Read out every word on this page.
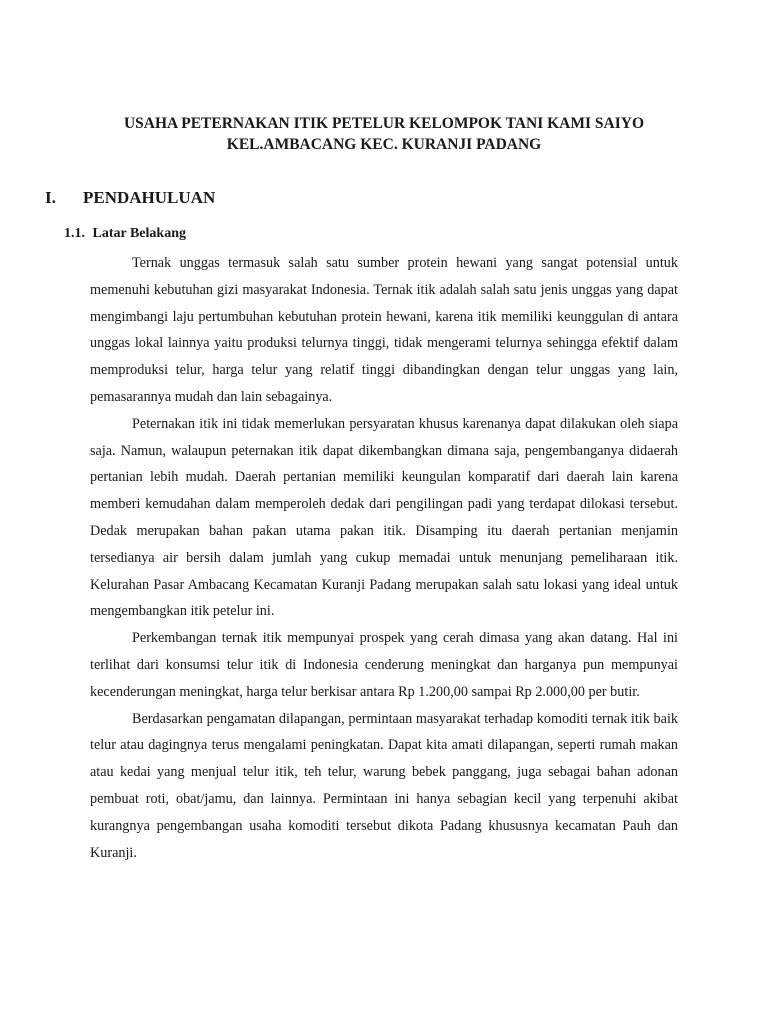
USAHA PETERNAKAN ITIK PETELUR KELOMPOK TANI KAMI SAIYO
KEL.AMBACANG KEC. KURANJI PADANG
I. PENDAHULUAN
1.1. Latar Belakang

Ternak unggas termasuk salah satu sumber protein hewani yang sangat potensial untuk memenuhi kebutuhan gizi masyarakat Indonesia. Ternak itik adalah salah satu jenis unggas yang dapat mengimbangi laju pertumbuhan kebutuhan protein hewani, karena itik memiliki keunggulan di antara unggas lokal lainnya yaitu produksi telurnya tinggi, tidak mengerami telurnya sehingga efektif dalam memproduksi telur, harga telur yang relatif tinggi dibandingkan dengan telur unggas yang lain, pemasarannya mudah dan lain sebagainya.

Peternakan itik ini tidak memerlukan persyaratan khusus karenanya dapat dilakukan oleh siapa saja. Namun, walaupun peternakan itik dapat dikembangkan dimana saja, pengembanganya didaerah pertanian lebih mudah. Daerah pertanian memiliki keungulan komparatif dari daerah lain karena memberi kemudahan dalam memperoleh dedak dari pengilingan padi yang terdapat dilokasi tersebut. Dedak merupakan bahan pakan utama pakan itik. Disamping itu daerah pertanian menjamin tersedianya air bersih dalam jumlah yang cukup memadai untuk menunjang pemeliharaan itik. Kelurahan Pasar Ambacang Kecamatan Kuranji Padang merupakan salah satu lokasi yang ideal untuk mengembangkan itik petelur ini.

Perkembangan ternak itik mempunyai prospek yang cerah dimasa yang akan datang. Hal ini terlihat dari konsumsi telur itik di Indonesia cenderung meningkat dan harganya pun mempunyai kecenderungan meningkat, harga telur berkisar antara Rp 1.200,00 sampai Rp 2.000,00 per butir.

Berdasarkan pengamatan dilapangan, permintaan masyarakat terhadap komoditi ternak itik baik telur atau dagingnya terus mengalami peningkatan. Dapat kita amati dilapangan, seperti rumah makan atau kedai yang menjual telur itik, teh telur, warung bebek panggang, juga sebagai bahan adonan pembuat roti, obat/jamu, dan lainnya. Permintaan ini hanya sebagian kecil yang terpenuhi akibat kurangnya pengembangan usaha komoditi tersebut dikota Padang khususnya kecamatan Pauh dan Kuranji.
